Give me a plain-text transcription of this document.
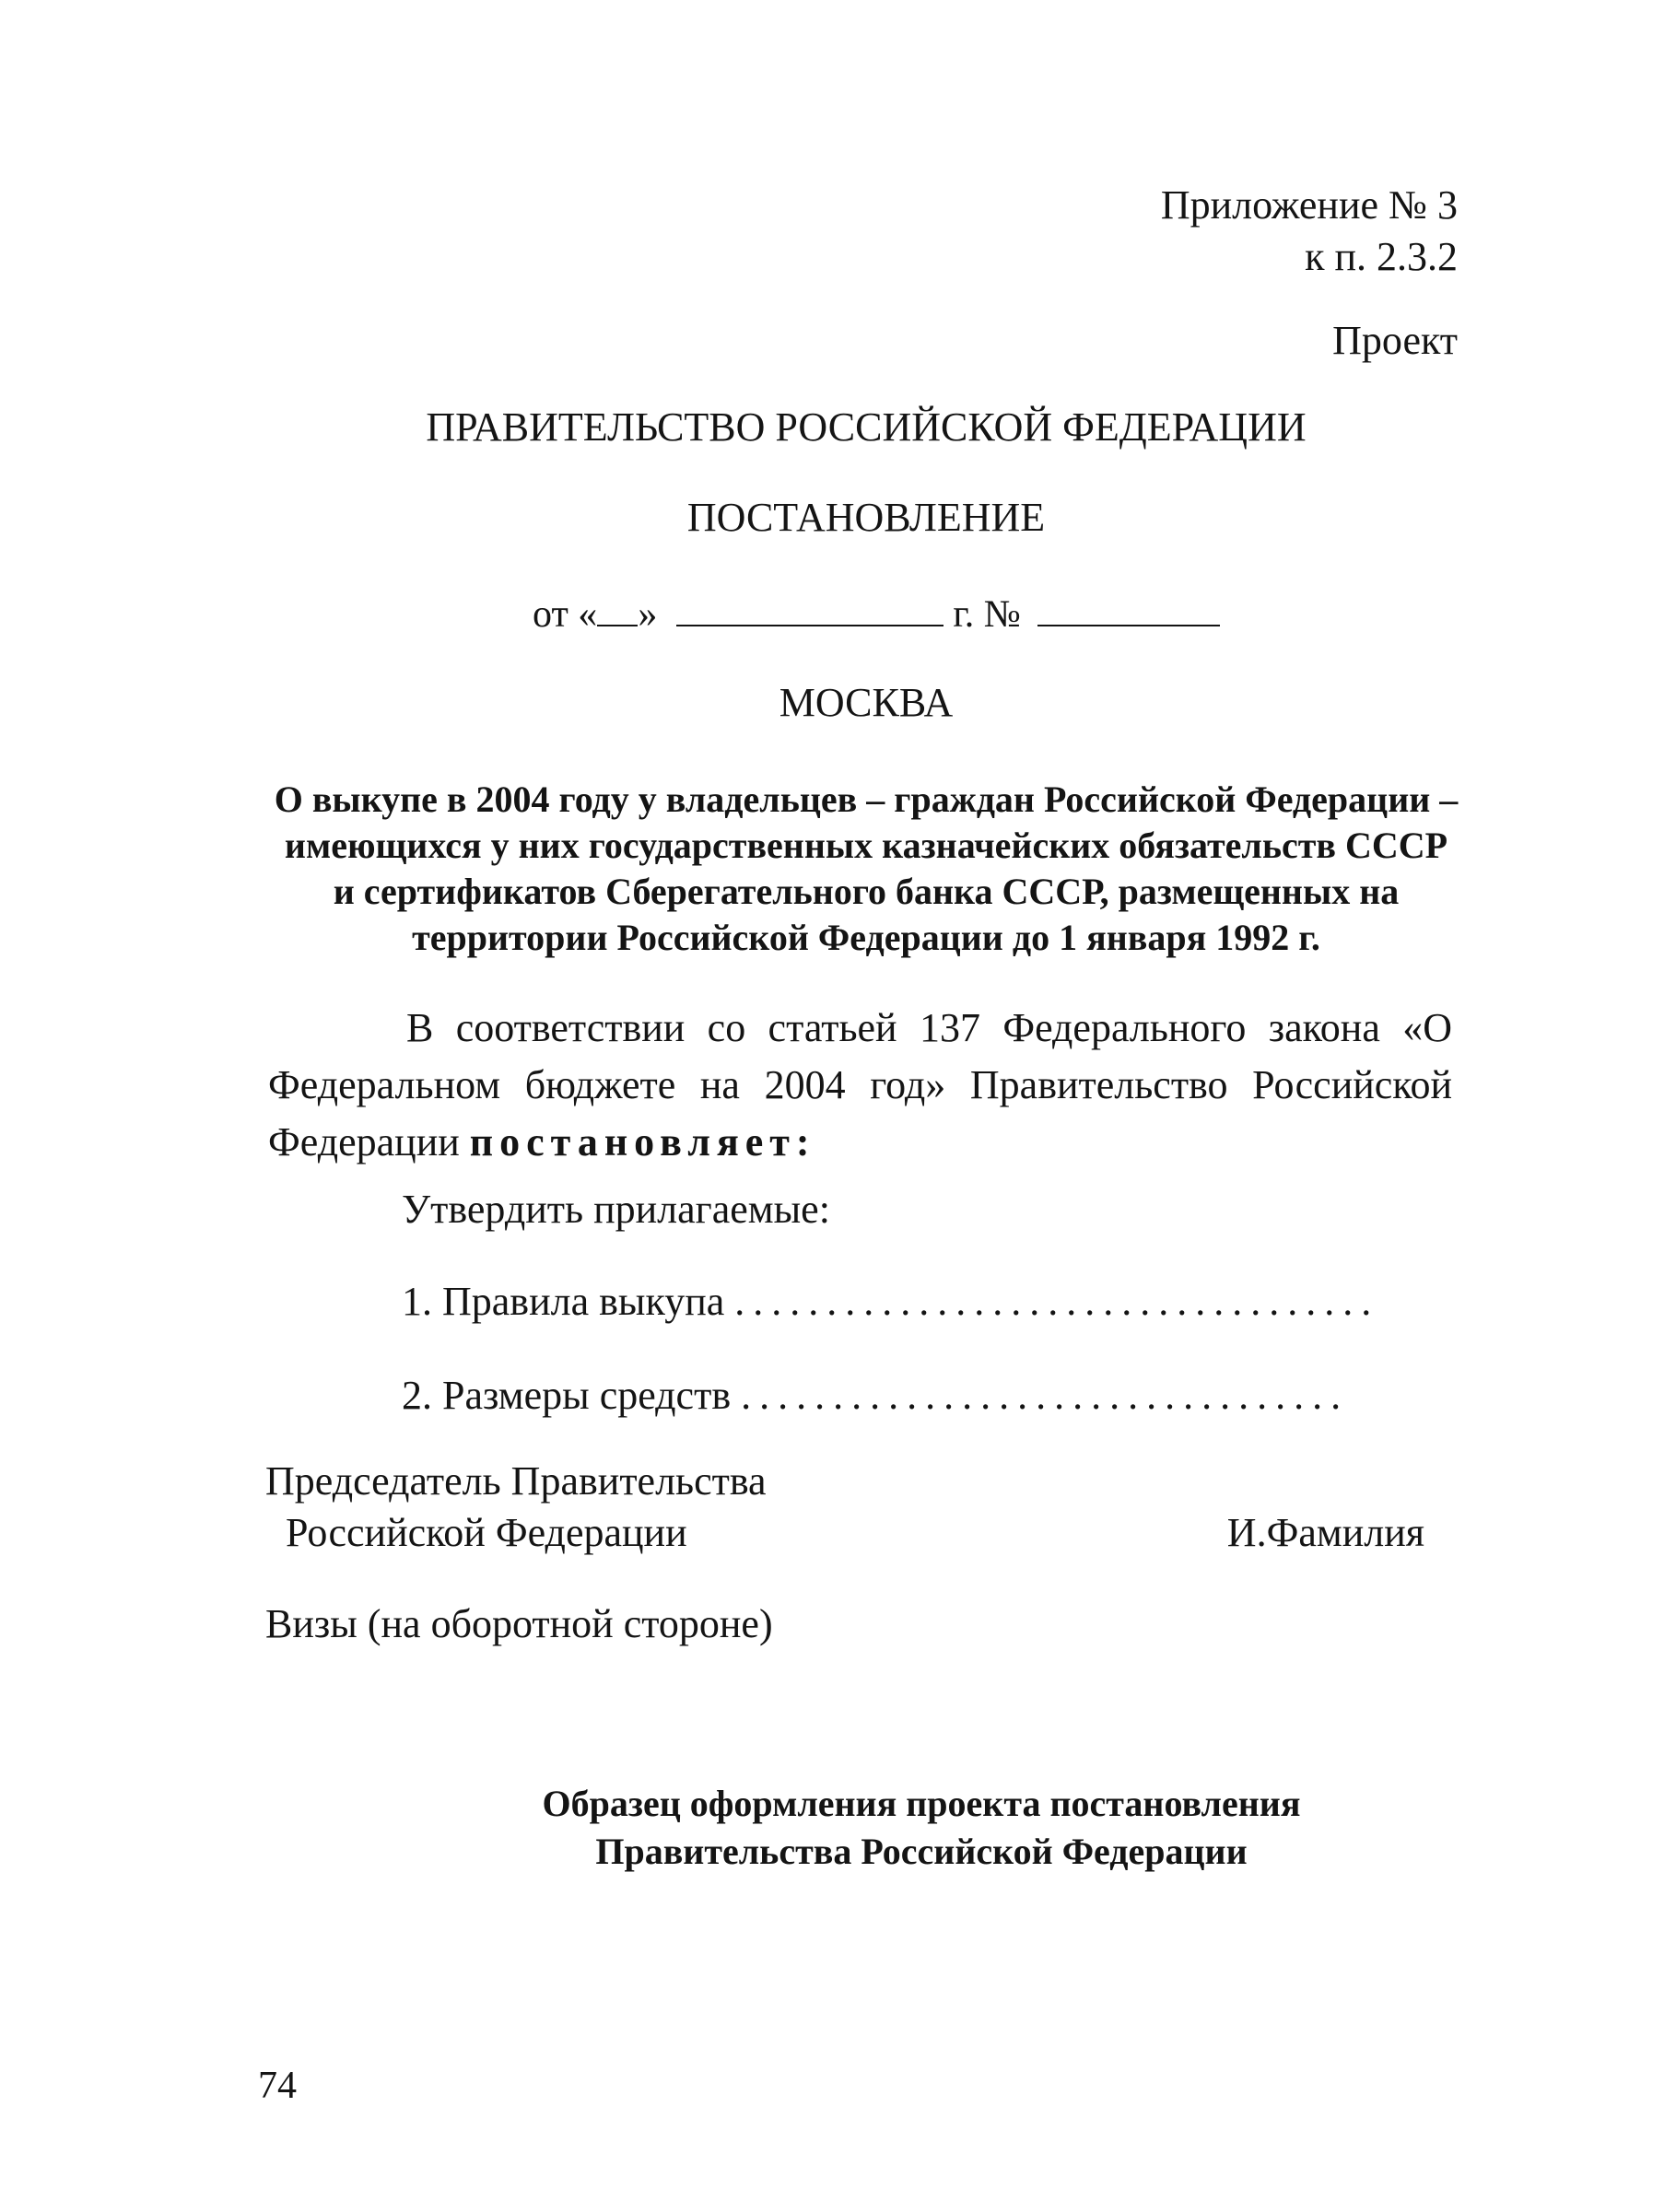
Приложение № 3
к п. 2.3.2
Проект
ПРАВИТЕЛЬСТВО РОССИЙСКОЙ ФЕДЕРАЦИИ
ПОСТАНОВЛЕНИЕ
от « »	г. №
МОСКВА
О выкупе в 2004 году у владельцев – граждан Российской Федерации –
имеющихся у них государственных казначейских обязательств СССР
и сертификатов Сберегательного банка СССР, размещенных на
территории Российской Федерации до 1 января 1992 г.
В соответствии со статьей 137 Федерального закона «О Федеральном бюджете на 2004 год» Правительство Российской Федерации постановляет:
Утвердить прилагаемые:
1. Правила выкупа ...................................
2. Размеры средств .................................
Председатель Правительства
Российской Федерации	И.Фамилия
Визы (на оборотной стороне)
Образец оформления проекта постановления
Правительства Российской Федерации
74
